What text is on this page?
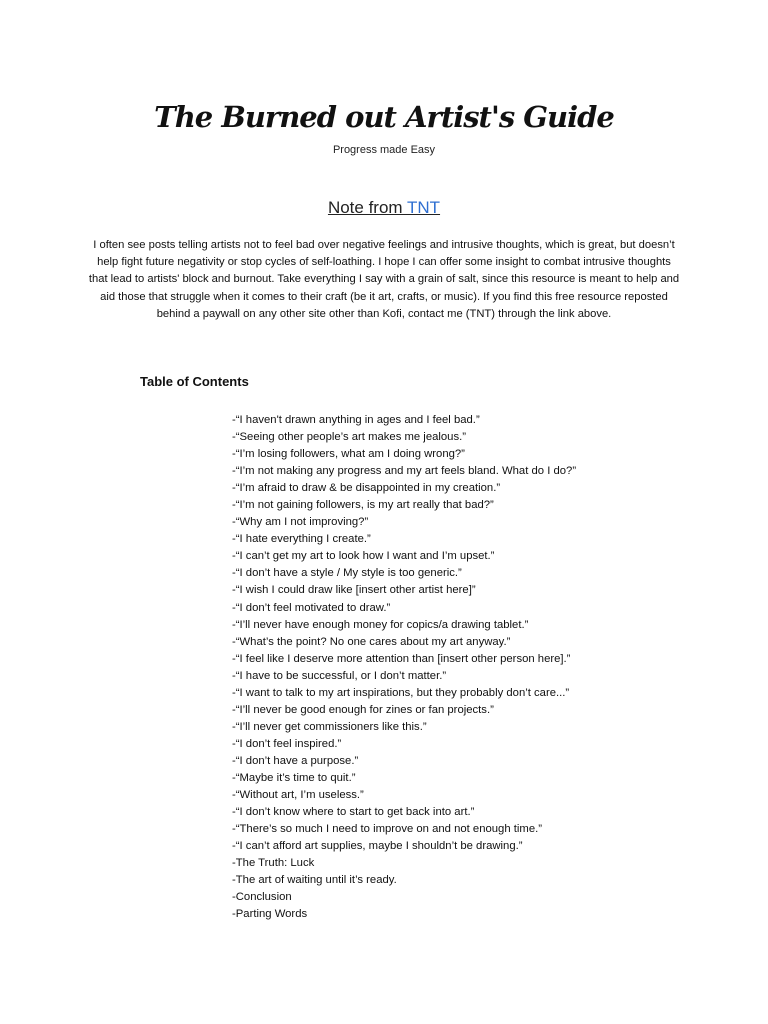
The Burned out Artist's Guide
Progress made Easy
Note from TNT

I often see posts telling artists not to feel bad over negative feelings and intrusive thoughts, which is great, but doesn’t help fight future negativity or stop cycles of self-loathing. I hope I can offer some insight to combat intrusive thoughts that lead to artists' block and burnout. Take everything I say with a grain of salt, since this resource is meant to help and aid those that struggle when it comes to their craft (be it art, crafts, or music). If you find this free resource reposted behind a paywall on any other site other than Kofi, contact me (TNT) through the link above.

Table of Contents
-“I haven't drawn anything in ages and I feel bad.”
-“Seeing other people’s art makes me jealous.”
-“I’m losing followers, what am I doing wrong?”
-“I’m not making any progress and my art feels bland. What do I do?”
-“I’m afraid to draw & be disappointed in my creation.”
-“I’m not gaining followers, is my art really that bad?”
-“Why am I not improving?”
-“I hate everything I create.”
-“I can’t get my art to look how I want and I’m upset.”
-“I don’t have a style / My style is too generic.”
-“I wish I could draw like [insert other artist here]”
-“I don’t feel motivated to draw.”
-“I’ll never have enough money for copics/a drawing tablet.”
-“What’s the point? No one cares about my art anyway.”
-“I feel like I deserve more attention than [insert other person here].”
-“I have to be successful, or I don’t matter.”
-“I want to talk to my art inspirations, but they probably don’t care...”
-“I’ll never be good enough for zines or fan projects.”
-“I’ll never get commissioners like this.”
-“I don’t feel inspired.”
-“I don’t have a purpose.”
-“Maybe it’s time to quit.”
-“Without art, I’m useless.”
-“I don’t know where to start to get back into art.”
-“There’s so much I need to improve on and not enough time.”
-“I can’t afford art supplies, maybe I shouldn’t be drawing.”
-The Truth: Luck
-The art of waiting until it’s ready.
-Conclusion
-Parting Words
